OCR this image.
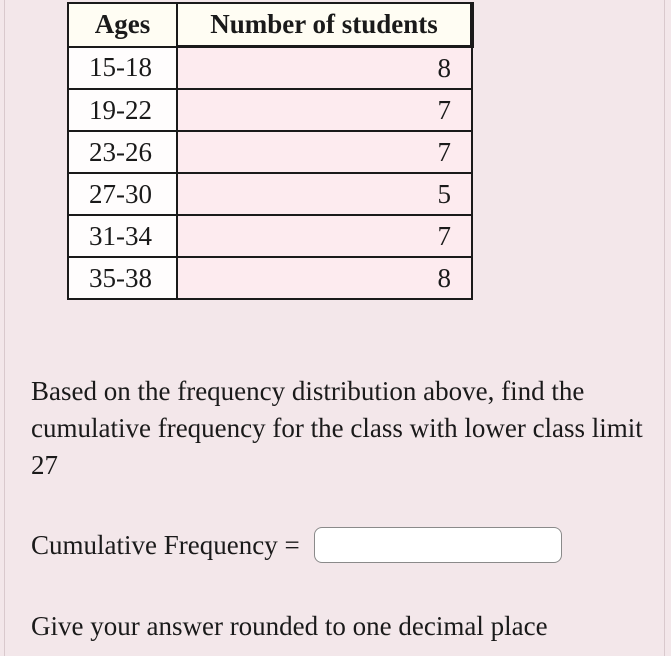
Ages	Number of students
15-18	8
19-22	7
23-26	7
27-30	5
31-34	7
35-38	8

Based on the frequency distribution above, find the cumulative frequency for the class with lower class limit 27

Cumulative Frequency =

Give your answer rounded to one decimal place
